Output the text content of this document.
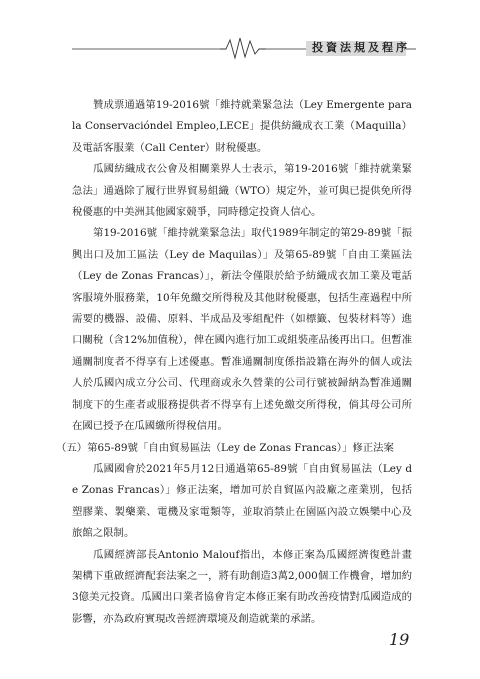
投資法規及程序

贊成票通過第19-2016號「維持就業緊急法（Ley Emergente para la Conservacióndel Empleo,LECE」提供紡織成衣工業（Maquilla）及電話客服業（Call Center）財稅優惠。

瓜國紡織成衣公會及相關業界人士表示，第19-2016號「維持就業緊急法」通過除了履行世界貿易組織（WTO）規定外，並可與已提供免所得稅優惠的中美洲其他國家競爭，同時穩定投資人信心。

第19-2016號「維持就業緊急法」取代1989年制定的第29-89號「振興出口及加工區法（Ley de Maquilas）」及第65-89號「自由工業區法（Ley de Zonas Francas）」，新法令僅限於給予紡織成衣加工業及電話客服境外服務業，10年免繳交所得稅及其他財稅優惠，包括生產過程中所需要的機器、設備、原料、半成品及零組配件（如標籤、包裝材料等）進口關稅（含12%加值稅），俾在國內進行加工或組裝產品後再出口。但暫准通關制度者不得享有上述優惠。暫准通關制度係指設籍在海外的個人或法人於瓜國內成立分公司、代理商或永久營業的公司行號被歸納為暫准通關制度下的生產者或服務提供者不得享有上述免繳交所得稅，倘其母公司所在國已授予在瓜國繳所得稅信用。

（五）第65-89號「自由貿易區法（Ley de Zonas Francas）」修正法案

瓜國國會於2021年5月12日通過第65-89號「自由貿易區法（Ley de Zonas Francas）」修正法案，增加可於自貿區內設廠之產業別，包括塑膠業、製藥業、電機及家電類等，並取消禁止在園區內設立娛樂中心及旅館之限制。

瓜國經濟部長Antonio Malouf指出，本修正案為瓜國經濟復甦計畫架構下重啟經濟配套法案之一，將有助創造3萬2,000個工作機會，增加約3億美元投資。瓜國出口業者協會肯定本修正案有助改善疫情對瓜國造成的影響，亦為政府實現改善經濟環境及創造就業的承諾。

19
